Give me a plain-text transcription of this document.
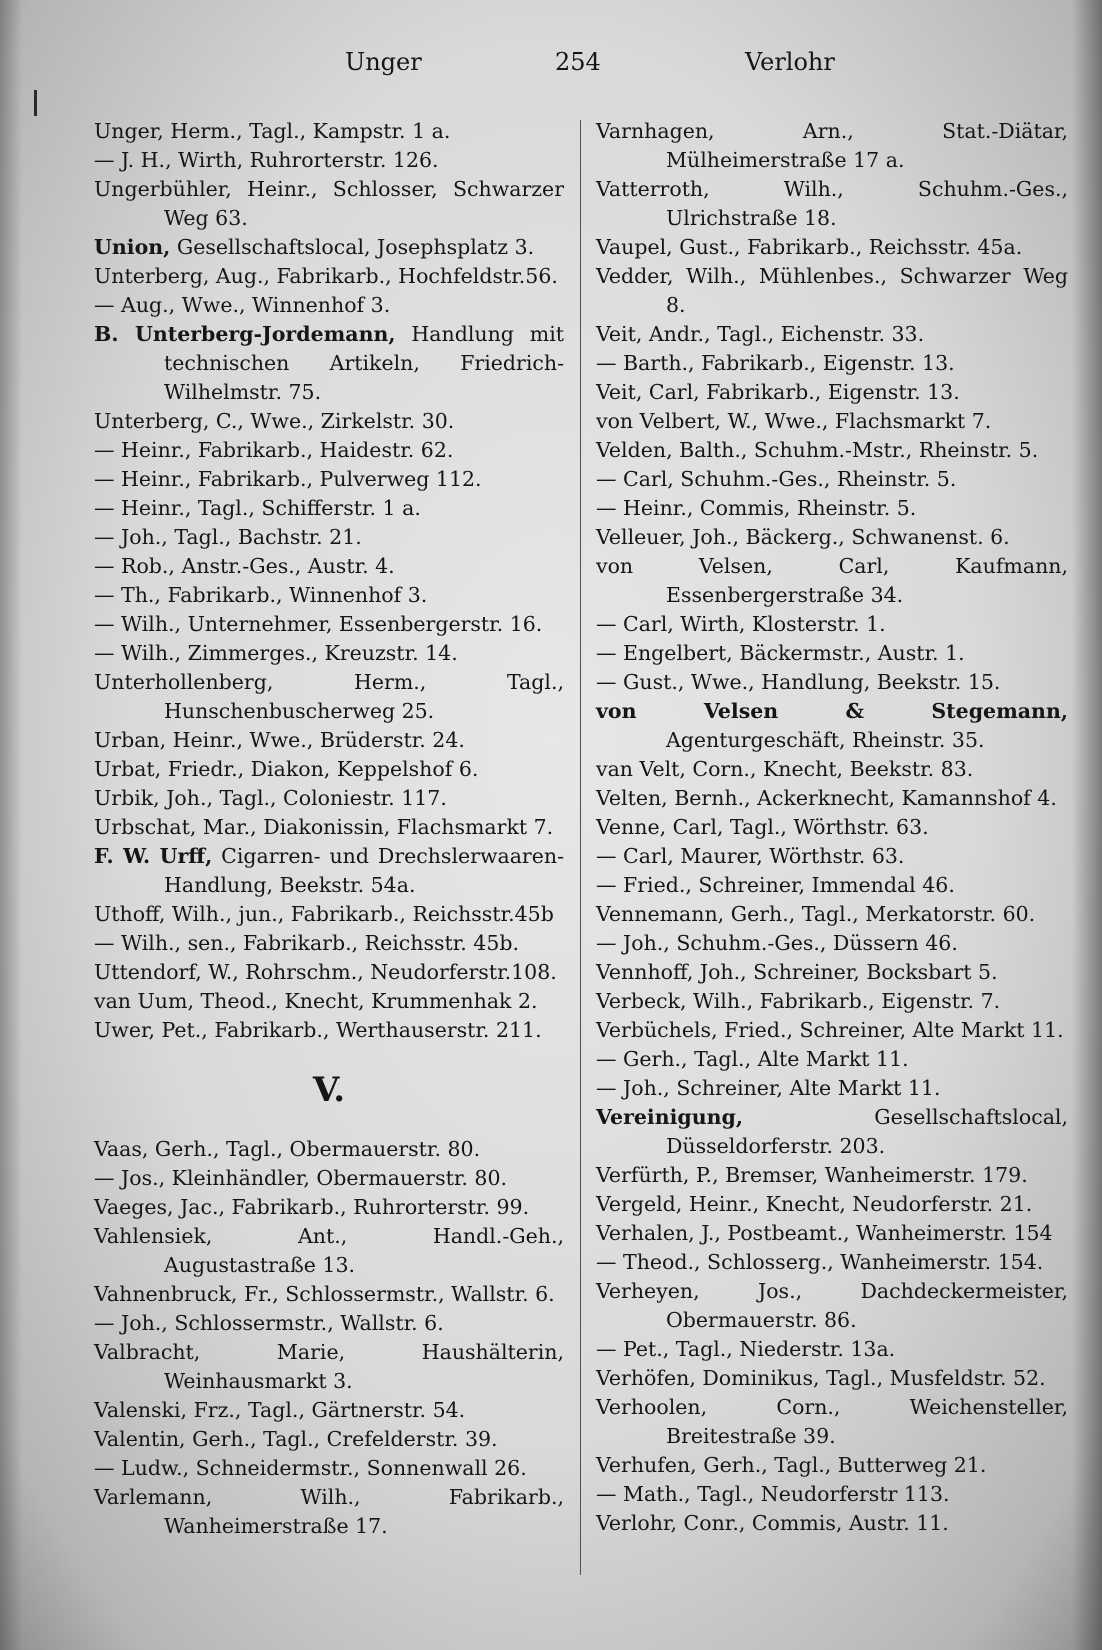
Unger	254	Verlohr
Unger, Herm., Tagl., Kampstr. 1 a.
— J. H., Wirth, Ruhrorterstr. 126.
Ungerbühler, Heinr., Schlosser, Schwarzer Weg 63.
Union, Gesellschaftslocal, Josephsplatz 3.
Unterberg, Aug., Fabrikarb., Hochfeldstr.56.
— Aug., Wwe., Winnenhof 3.
B. Unterberg-Jordemann, Handlung mit technischen Artikeln, Friedrich-Wilhelmstr. 75.
Unterberg, C., Wwe., Zirkelstr. 30.
— Heinr., Fabrikarb., Haidestr. 62.
— Heinr., Fabrikarb., Pulverweg 112.
— Heinr., Tagl., Schifferstr. 1 a.
— Joh., Tagl., Bachstr. 21.
— Rob., Anstr.-Ges., Austr. 4.
— Th., Fabrikarb., Winnenhof 3.
— Wilh., Unternehmer, Essenbergerstr. 16.
— Wilh., Zimmerges., Kreuzstr. 14.
Unterhollenberg, Herm., Tagl., Hunschenbuscherweg 25.
Urban, Heinr., Wwe., Brüderstr. 24.
Urbat, Friedr., Diakon, Keppelshof 6.
Urbik, Joh., Tagl., Coloniestr. 117.
Urbschat, Mar., Diakonissin, Flachsmarkt 7.
F. W. Urff, Cigarren- und Drechslerwaaren-Handlung, Beekstr. 54a.
Uthoff, Wilh., jun., Fabrikarb., Reichsstr.45b
— Wilh., sen., Fabrikarb., Reichsstr. 45b.
Uttendorf, W., Rohrschm., Neudorferstr.108.
van Uum, Theod., Knecht, Krummenhak 2.
Uwer, Pet., Fabrikarb., Werthauserstr. 211.
V.
Vaas, Gerh., Tagl., Obermauerstr. 80.
— Jos., Kleinhändler, Obermauerstr. 80.
Vaeges, Jac., Fabrikarb., Ruhrorterstr. 99.
Vahlensiek, Ant., Handl.-Geh., Augustastraße 13.
Vahnenbruck, Fr., Schlossermstr., Wallstr. 6.
— Joh., Schlossermstr., Wallstr. 6.
Valbracht, Marie, Haushälterin, Weinhausmarkt 3.
Valenski, Frz., Tagl., Gärtnerstr. 54.
Valentin, Gerh., Tagl., Crefelderstr. 39.
— Ludw., Schneidermstr., Sonnenwall 26.
Varlemann, Wilh., Fabrikarb., Wanheimerstraße 17.
Varnhagen, Arn., Stat.-Diätar, Mülheimerstraße 17 a.
Vatterroth, Wilh., Schuhm.-Ges., Ulrichstraße 18.
Vaupel, Gust., Fabrikarb., Reichsstr. 45a.
Vedder, Wilh., Mühlenbes., Schwarzer Weg 8.
Veit, Andr., Tagl., Eichenstr. 33.
— Barth., Fabrikarb., Eigenstr. 13.
Veit, Carl, Fabrikarb., Eigenstr. 13.
von Velbert, W., Wwe., Flachsmarkt 7.
Velden, Balth., Schuhm.-Mstr., Rheinstr. 5.
— Carl, Schuhm.-Ges., Rheinstr. 5.
— Heinr., Commis, Rheinstr. 5.
Velleuer, Joh., Bäckerg., Schwanenst. 6.
von Velsen, Carl, Kaufmann, Essenbergerstraße 34.
— Carl, Wirth, Klosterstr. 1.
— Engelbert, Bäckermstr., Austr. 1.
— Gust., Wwe., Handlung, Beekstr. 15.
von Velsen & Stegemann, Agenturgeschäft, Rheinstr. 35.
van Velt, Corn., Knecht, Beekstr. 83.
Velten, Bernh., Ackerknecht, Kamannshof 4.
Venne, Carl, Tagl., Wörthstr. 63.
— Carl, Maurer, Wörthstr. 63.
— Fried., Schreiner, Immendal 46.
Vennemann, Gerh., Tagl., Merkatorstr. 60.
— Joh., Schuhm.-Ges., Düssern 46.
Vennhoff, Joh., Schreiner, Bocksbart 5.
Verbeck, Wilh., Fabrikarb., Eigenstr. 7.
Verbüchels, Fried., Schreiner, Alte Markt 11.
— Gerh., Tagl., Alte Markt 11.
— Joh., Schreiner, Alte Markt 11.
Vereinigung, Gesellschaftslocal, Düsseldorferstr. 203.
Verfürth, P., Bremser, Wanheimerstr. 179.
Vergeld, Heinr., Knecht, Neudorferstr. 21.
Verhalen, J., Postbeamt., Wanheimerstr. 154
— Theod., Schlosserg., Wanheimerstr. 154.
Verheyen, Jos., Dachdeckermeister, Obermauerstr. 86.
— Pet., Tagl., Niederstr. 13a.
Verhöfen, Dominikus, Tagl., Musfeldstr. 52.
Verhoolen, Corn., Weichensteller, Breitestraße 39.
Verhufen, Gerh., Tagl., Butterweg 21.
— Math., Tagl., Neudorferstr 113.
Verlohr, Conr., Commis, Austr. 11.
